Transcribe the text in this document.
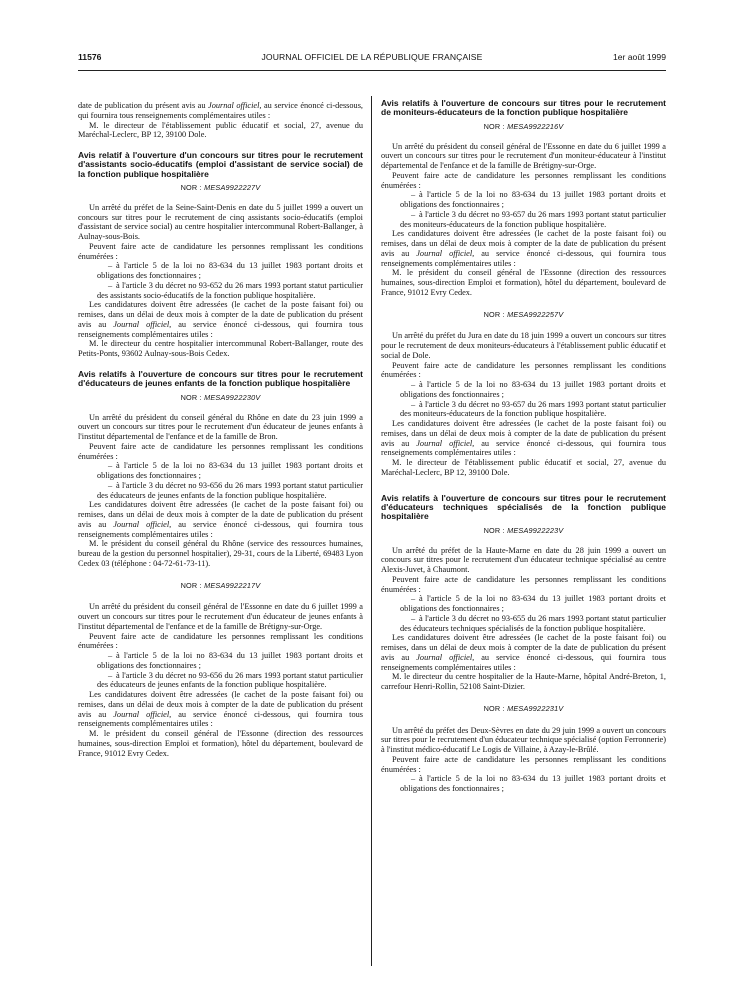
11576	JOURNAL OFFICIEL DE LA RÉPUBLIQUE FRANÇAISE	1er août 1999

date de publication du présent avis au Journal officiel, au service énoncé ci-dessous, qui fournira tous renseignements complémentaires utiles :

M. le directeur de l'établissement public éducatif et social, 27, avenue du Maréchal-Leclerc, BP 12, 39100 Dole.

Avis relatif à l'ouverture d'un concours sur titres pour le recrutement d'assistants socio-éducatifs (emploi d'assistant de service social) de la fonction publique hospitalière
NOR : MESA9922227V

Un arrêté du préfet de la Seine-Saint-Denis en date du 5 juillet 1999 a ouvert un concours sur titres pour le recrutement de cinq assistants socio-éducatifs (emploi d'assistant de service social) au centre hospitalier intercommunal Robert-Ballanger, à Aulnay-sous-Bois.

Peuvent faire acte de candidature les personnes remplissant les conditions énumérées :

– à l'article 5 de la loi no 83-634 du 13 juillet 1983 portant droits et obligations des fonctionnaires ;

– à l'article 3 du décret no 93-652 du 26 mars 1993 portant statut particulier des assistants socio-éducatifs de la fonction publique hospitalière.

Les candidatures doivent être adressées (le cachet de la poste faisant foi) ou remises, dans un délai de deux mois à compter de la date de publication du présent avis au Journal officiel, au service énoncé ci-dessous, qui fournira tous renseignements complémentaires utiles :

M. le directeur du centre hospitalier intercommunal Robert-Ballanger, route des Petits-Ponts, 93602 Aulnay-sous-Bois Cedex.

Avis relatifs à l'ouverture de concours sur titres pour le recrutement d'éducateurs de jeunes enfants de la fonction publique hospitalière
NOR : MESA9922230V

Un arrêté du président du conseil général du Rhône en date du 23 juin 1999 a ouvert un concours sur titres pour le recrutement d'un éducateur de jeunes enfants à l'institut départemental de l'enfance et de la famille de Bron.

Peuvent faire acte de candidature les personnes remplissant les conditions énumérées :

– à l'article 5 de la loi no 83-634 du 13 juillet 1983 portant droits et obligations des fonctionnaires ;

– à l'article 3 du décret no 93-656 du 26 mars 1993 portant statut particulier des éducateurs de jeunes enfants de la fonction publique hospitalière.

Les candidatures doivent être adressées (le cachet de la poste faisant foi) ou remises, dans un délai de deux mois à compter de la date de publication du présent avis au Journal officiel, au service énoncé ci-dessous, qui fournira tous renseignements complémentaires utiles :

M. le président du conseil général du Rhône (service des ressources humaines, bureau de la gestion du personnel hospitalier), 29-31, cours de la Liberté, 69483 Lyon Cedex 03 (téléphone : 04-72-61-73-11).

NOR : MESA9922217V

Un arrêté du président du conseil général de l'Essonne en date du 6 juillet 1999 a ouvert un concours sur titres pour le recrutement d'un éducateur de jeunes enfants à l'institut départemental de l'enfance et de la famille de Brétigny-sur-Orge.

Peuvent faire acte de candidature les personnes remplissant les conditions énumérées :

– à l'article 5 de la loi no 83-634 du 13 juillet 1983 portant droits et obligations des fonctionnaires ;

– à l'article 3 du décret no 93-656 du 26 mars 1993 portant statut particulier des éducateurs de jeunes enfants de la fonction publique hospitalière.

Les candidatures doivent être adressées (le cachet de la poste faisant foi) ou remises, dans un délai de deux mois à compter de la date de publication du présent avis au Journal officiel, au service énoncé ci-dessous, qui fournira tous renseignements complémentaires utiles :

M. le président du conseil général de l'Essonne (direction des ressources humaines, sous-direction Emploi et formation), hôtel du département, boulevard de France, 91012 Evry Cedex.

Avis relatifs à l'ouverture de concours sur titres pour le recrutement de moniteurs-éducateurs de la fonction publique hospitalière
NOR : MESA9922216V

Un arrêté du président du conseil général de l'Essonne en date du 6 juillet 1999 a ouvert un concours sur titres pour le recrutement d'un moniteur-éducateur à l'institut départemental de l'enfance et de la famille de Brétigny-sur-Orge.

Peuvent faire acte de candidature les personnes remplissant les conditions énumérées :

– à l'article 5 de la loi no 83-634 du 13 juillet 1983 portant droits et obligations des fonctionnaires ;

– à l'article 3 du décret no 93-657 du 26 mars 1993 portant statut particulier des moniteurs-éducateurs de la fonction publique hospitalière.

Les candidatures doivent être adressées (le cachet de la poste faisant foi) ou remises, dans un délai de deux mois à compter de la date de publication du présent avis au Journal officiel, au service énoncé ci-dessous, qui fournira tous renseignements complémentaires utiles :

M. le président du conseil général de l'Essonne (direction des ressources humaines, sous-direction Emploi et formation), hôtel du département, boulevard de France, 91012 Evry Cedex.

NOR : MESA9922257V

Un arrêté du préfet du Jura en date du 18 juin 1999 a ouvert un concours sur titres pour le recrutement de deux moniteurs-éducateurs à l'établissement public éducatif et social de Dole.

Peuvent faire acte de candidature les personnes remplissant les conditions énumérées :

– à l'article 5 de la loi no 83-634 du 13 juillet 1983 portant droits et obligations des fonctionnaires ;

– à l'article 3 du décret no 93-657 du 26 mars 1993 portant statut particulier des moniteurs-éducateurs de la fonction publique hospitalière.

Les candidatures doivent être adressées (le cachet de la poste faisant foi) ou remises, dans un délai de deux mois à compter de la date de publication du présent avis au Journal officiel, au service énoncé ci-dessous, qui fournira tous renseignements complémentaires utiles :

M. le directeur de l'établissement public éducatif et social, 27, avenue du Maréchal-Leclerc, BP 12, 39100 Dole.

Avis relatifs à l'ouverture de concours sur titres pour le recrutement d'éducateurs techniques spécialisés de la fonction publique hospitalière
NOR : MESA9922223V

Un arrêté du préfet de la Haute-Marne en date du 28 juin 1999 a ouvert un concours sur titres pour le recrutement d'un éducateur technique spécialisé au centre Alexis-Juvet, à Chaumont.

Peuvent faire acte de candidature les personnes remplissant les conditions énumérées :

– à l'article 5 de la loi no 83-634 du 13 juillet 1983 portant droits et obligations des fonctionnaires ;

– à l'article 3 du décret no 93-655 du 26 mars 1993 portant statut particulier des éducateurs techniques spécialisés de la fonction publique hospitalière.

Les candidatures doivent être adressées (le cachet de la poste faisant foi) ou remises, dans un délai de deux mois à compter de la date de publication du présent avis au Journal officiel, au service énoncé ci-dessous, qui fournira tous renseignements complémentaires utiles :

M. le directeur du centre hospitalier de la Haute-Marne, hôpital André-Breton, 1, carrefour Henri-Rollin, 52108 Saint-Dizier.

NOR : MESA9922231V

Un arrêté du préfet des Deux-Sèvres en date du 29 juin 1999 a ouvert un concours sur titres pour le recrutement d'un éducateur technique spécialisé (option Ferronnerie) à l'institut médico-éducatif Le Logis de Villaine, à Azay-le-Brûlé.

Peuvent faire acte de candidature les personnes remplissant les conditions énumérées :

– à l'article 5 de la loi no 83-634 du 13 juillet 1983 portant droits et obligations des fonctionnaires ;
